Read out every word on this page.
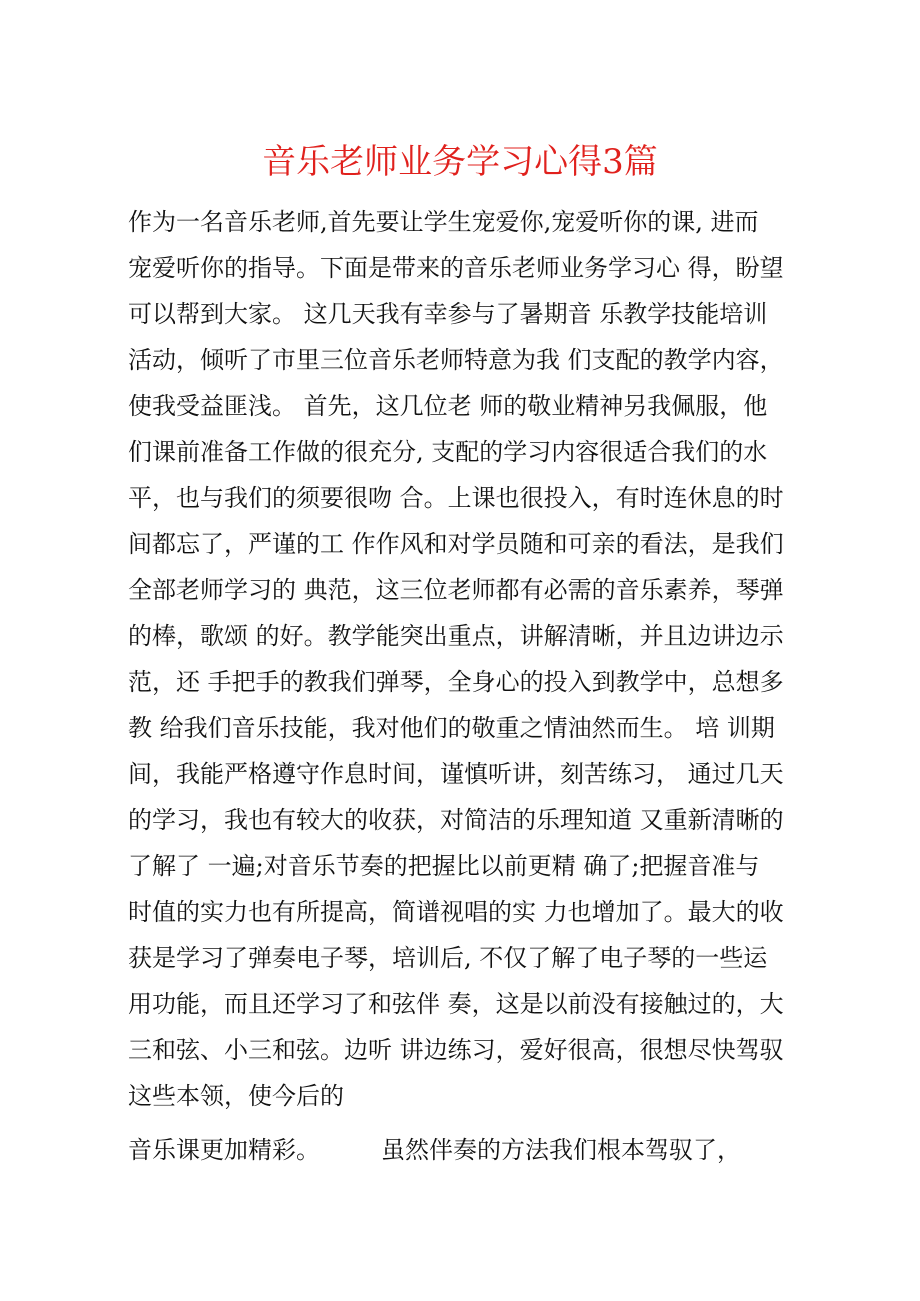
音乐老师业务学习心得3篇
作为一名音乐老师,首先要让学生宠爱你,宠爱听你的课, 进而
宠爱听你的指导。下面是带来的音乐老师业务学习心 得，盼望
可以帮到大家。 这几天我有幸参与了暑期音 乐教学技能培训
活动，倾听了市里三位音乐老师特意为我 们支配的教学内容，
使我受益匪浅。 首先，这几位老 师的敬业精神另我佩服，他
们课前准备工作做的很充分, 支配的学习内容很适合我们的水
平，也与我们的须要很吻 合。上课也很投入，有时连休息的时
间都忘了，严谨的工 作作风和对学员随和可亲的看法，是我们
全部老师学习的 典范，这三位老师都有必需的音乐素养，琴弹
的棒，歌颂 的好。教学能突出重点，讲解清晰，并且边讲边示
范，还 手把手的教我们弹琴，全身心的投入到教学中，总想多
教 给我们音乐技能，我对他们的敬重之情油然而生。 培 训期
间，我能严格遵守作息时间，谨慎听讲，刻苦练习， 通过几天
的学习，我也有较大的收获，对简洁的乐理知道 又重新清晰的
了解了 一遍;对音乐节奏的把握比以前更精 确了;把握音准与
时值的实力也有所提高，简谱视唱的实 力也增加了。最大的收
获是学习了弹奏电子琴，培训后, 不仅了解了电子琴的一些运
用功能，而且还学习了和弦伴 奏，这是以前没有接触过的，大
三和弦、小三和弦。边听 讲边练习，爱好很高，很想尽快驾驭
这些本领，使今后的
音乐课更加精彩。        虽然伴奏的方法我们根本驾驭了，
